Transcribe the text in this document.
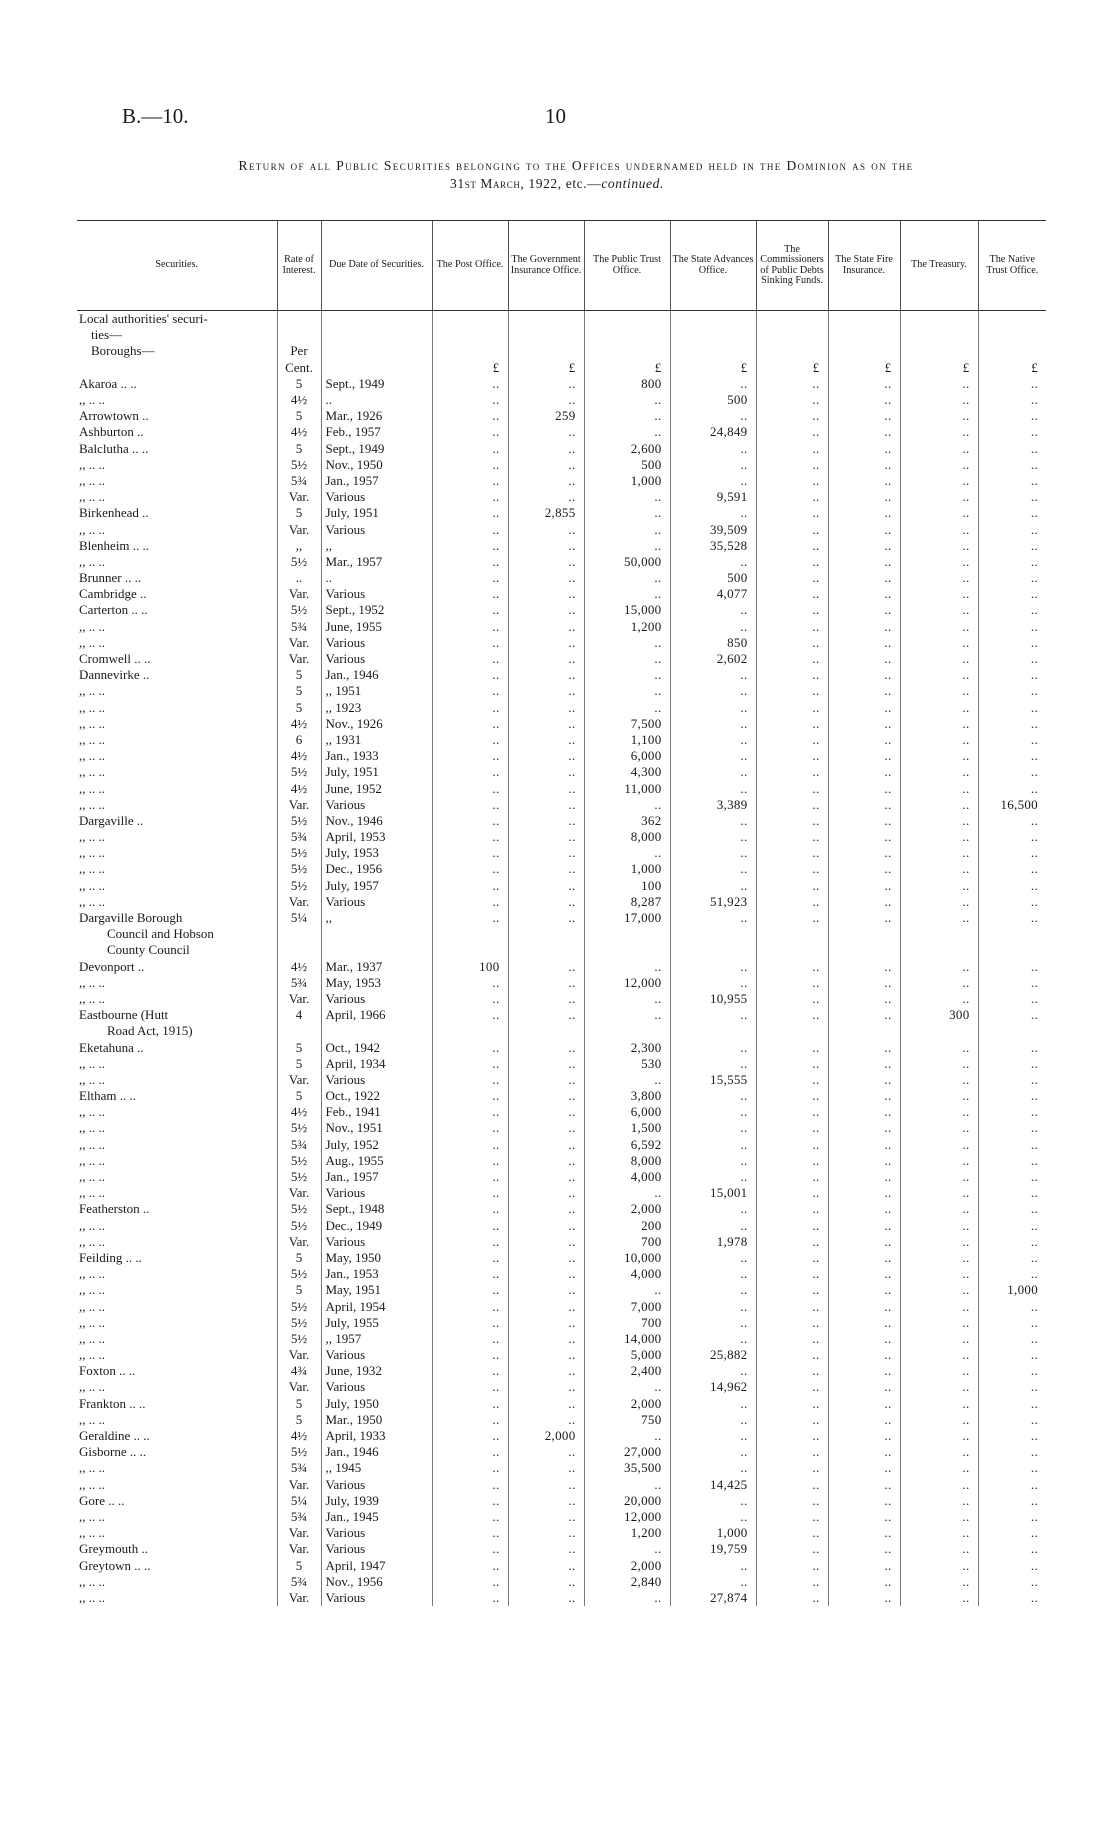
B.—10.	10
Return of all Public Securities belonging to the Offices undernamed held in the Dominion as on the
31st March, 1922, etc.—continued.
Securities.	Rate of Interest.	Due Date of Securities.	The Post Office.	The Government Insurance Office.	The Public Trust Office.	The State Advances Office.	The Commissioners of Public Debts Sinking Funds.	The State Fire Insurance.	The Treasury.	The Native Trust Office.
Local authorities' securi-										
ties—										
Boroughs—	Per									
	Cent.		£	£	£	£	£	£	£	£
Akaroa .. ..	5	Sept., 1949	..	..	800	..	..	..	..	..
,, .. ..	4½	..	..	..	..	500	..	..	..	..
Arrowtown ..	5	Mar., 1926	..	259	..	..	..	..	..	..
Ashburton ..	4½	Feb., 1957	..	..	..	24,849	..	..	..	..
Balclutha .. ..	5	Sept., 1949	..	..	2,600	..	..	..	..	..
,, .. ..	5½	Nov., 1950	..	..	500	..	..	..	..	..
,, .. ..	5¾	Jan., 1957	..	..	1,000	..	..	..	..	..
,, .. ..	Var.	Various	..	..	..	9,591	..	..	..	..
Birkenhead ..	5	July, 1951	..	2,855	..	..	..	..	..	..
,, .. ..	Var.	Various	..	..	..	39,509	..	..	..	..
Blenheim .. ..	,,	,,	..	..	..	35,528	..	..	..	..
,, .. ..	5½	Mar., 1957	..	..	50,000	..	..	..	..	..
Brunner .. ..	..	..	..	..	..	500	..	..	..	..
Cambridge ..	Var.	Various	..	..	..	4,077	..	..	..	..
Carterton .. ..	5½	Sept., 1952	..	..	15,000	..	..	..	..	..
,, .. ..	5¾	June, 1955	..	..	1,200	..	..	..	..	..
,, .. ..	Var.	Various	..	..	..	850	..	..	..	..
Cromwell .. ..	Var.	Various	..	..	..	2,602	..	..	..	..
Dannevirke ..	5	Jan., 1946	..	..	..	..	..	..	..	..
,, .. ..	5	,, 1951	..	..	..	..	..	..	..	..
,, .. ..	5	,, 1923	..	..	..	..	..	..	..	..
,, .. ..	4½	Nov., 1926	..	..	7,500	..	..	..	..	..
,, .. ..	6	,, 1931	..	..	1,100	..	..	..	..	..
,, .. ..	4½	Jan., 1933	..	..	6,000	..	..	..	..	..
,, .. ..	5½	July, 1951	..	..	4,300	..	..	..	..	..
,, .. ..	4½	June, 1952	..	..	11,000	..	..	..	..	..
,, .. ..	Var.	Various	..	..	..	3,389	..	..	..	16,500
Dargaville ..	5½	Nov., 1946	..	..	362	..	..	..	..	..
,, .. ..	5¾	April, 1953	..	..	8,000	..	..	..	..	..
,, .. ..	5½	July, 1953	..	..	..	..	..	..	..	..
,, .. ..	5½	Dec., 1956	..	..	1,000	..	..	..	..	..
,, .. ..	5½	July, 1957	..	..	100	..	..	..	..	..
,, .. ..	Var.	Various	..	..	8,287	51,923	..	..	..	..
Dargaville Borough	5¼	,,	..	..	17,000	..	..	..	..	..
Council and Hobson										
County Council										
Devonport ..	4½	Mar., 1937	100	..	..	..	..	..	..	..
,, .. ..	5¾	May, 1953	..	..	12,000	..	..	..	..	..
,, .. ..	Var.	Various	..	..	..	10,955	..	..	..	..
Eastbourne (Hutt	4	April, 1966	..	..	..	..	..	..	300	..
Road Act, 1915)										
Eketahuna ..	5	Oct., 1942	..	..	2,300	..	..	..	..	..
,, .. ..	5	April, 1934	..	..	530	..	..	..	..	..
,, .. ..	Var.	Various	..	..	..	15,555	..	..	..	..
Eltham .. ..	5	Oct., 1922	..	..	3,800	..	..	..	..	..
,, .. ..	4½	Feb., 1941	..	..	6,000	..	..	..	..	..
,, .. ..	5½	Nov., 1951	..	..	1,500	..	..	..	..	..
,, .. ..	5¾	July, 1952	..	..	6,592	..	..	..	..	..
,, .. ..	5½	Aug., 1955	..	..	8,000	..	..	..	..	..
,, .. ..	5½	Jan., 1957	..	..	4,000	..	..	..	..	..
,, .. ..	Var.	Various	..	..	..	15,001	..	..	..	..
Featherston ..	5½	Sept., 1948	..	..	2,000	..	..	..	..	..
,, .. ..	5½	Dec., 1949	..	..	200	..	..	..	..	..
,, .. ..	Var.	Various	..	..	700	1,978	..	..	..	..
Feilding .. ..	5	May, 1950	..	..	10,000	..	..	..	..	..
,, .. ..	5½	Jan., 1953	..	..	4,000	..	..	..	..	..
,, .. ..	5	May, 1951	..	..	..	..	..	..	..	1,000
,, .. ..	5½	April, 1954	..	..	7,000	..	..	..	..	..
,, .. ..	5½	July, 1955	..	..	700	..	..	..	..	..
,, .. ..	5½	,, 1957	..	..	14,000	..	..	..	..	..
,, .. ..	Var.	Various	..	..	5,000	25,882	..	..	..	..
Foxton .. ..	4¾	June, 1932	..	..	2,400	..	..	..	..	..
,, .. ..	Var.	Various	..	..	..	14,962	..	..	..	..
Frankton .. ..	5	July, 1950	..	..	2,000	..	..	..	..	..
,, .. ..	5	Mar., 1950	..	..	750	..	..	..	..	..
Geraldine .. ..	4½	April, 1933	..	2,000	..	..	..	..	..	..
Gisborne .. ..	5½	Jan., 1946	..	..	27,000	..	..	..	..	..
,, .. ..	5¾	,, 1945	..	..	35,500	..	..	..	..	..
,, .. ..	Var.	Various	..	..	..	14,425	..	..	..	..
Gore .. ..	5¼	July, 1939	..	..	20,000	..	..	..	..	..
,, .. ..	5¾	Jan., 1945	..	..	12,000	..	..	..	..	..
,, .. ..	Var.	Various	..	..	1,200	1,000	..	..	..	..
Greymouth ..	Var.	Various	..	..	..	19,759	..	..	..	..
Greytown .. ..	5	April, 1947	..	..	2,000	..	..	..	..	..
,, .. ..	5¾	Nov., 1956	..	..	2,840	..	..	..	..	..
,, .. ..	Var.	Various	..	..	..	27,874	..	..	..	..
